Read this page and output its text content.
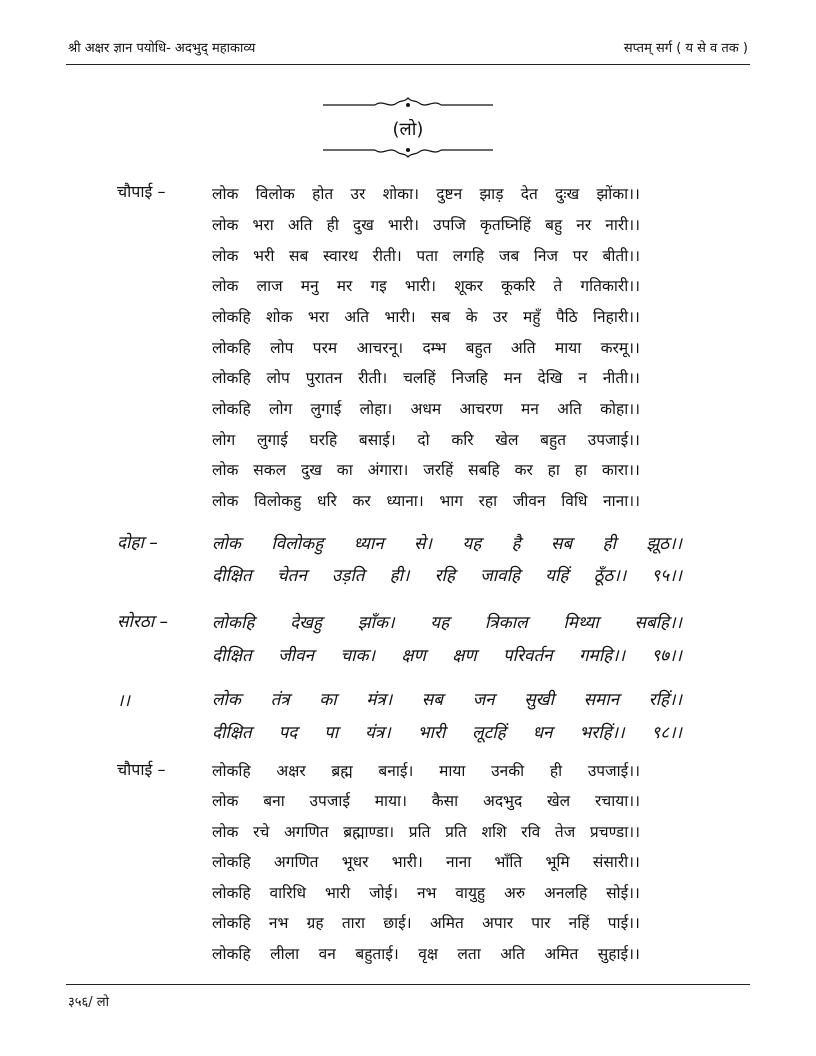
श्री अक्षर ज्ञान पयोधि- अदभुद् महाकाव्य	सप्तम् सर्ग ( य से व तक )
(लो)
चौपाई –	लोक विलोक होत उर शोका। दुष्टन झाड़ देत दुःख झोंका।।
लोक भरा अति ही दुख भारी। उपजि कृतघ्निहिं बहु नर नारी।।
लोक भरी सब स्वारथ रीती। पता लगहि जब निज पर बीती।।
लोक लाज मनु मर गइ भारी। शूकर कूकरि ते गतिकारी।।
लोकहि शोक भरा अति भारी। सब के उर महुँ पैठि निहारी।।
लोकहि लोप परम आचरनू। दम्भ बहुत अति माया करमू।।
लोकहि लोप पुरातन रीती। चलहिं निजहि मन देखि न नीती।।
लोकहि लोग लुगाई लोहा। अधम आचरण मन अति कोहा।।
लोग लुगाई घरहि बसाई। दो करि खेल बहुत उपजाई।।
लोक सकल दुख का अंगारा। जरहिं सबहि कर हा हा कारा।।
लोक विलोकहु धरि कर ध्याना। भाग रहा जीवन विधि नाना।।
दोहा –	लोक विलोकहु ध्यान से। यह है सब ही झूठ।।
दीक्षित चेतन उड़ति ही। रहि जावहि यहिं ठूँठ।। ९५।।
सोरठा –	लोकहि देखहु झाँक। यह त्रिकाल मिथ्या सबहि।।
दीक्षित जीवन चाक। क्षण क्षण परिवर्तन गमहि।। ९७।।
।।	लोक तंत्र का मंत्र। सब जन सुखी समान रहिं।।
दीक्षित पद पा यंत्र। भारी लूटहिं धन भरहिं।। ९८।।
चौपाई –	लोकहि अक्षर ब्रह्म बनाई। माया उनकी ही उपजाई।।
लोक बना उपजाई माया। कैसा अदभुद खेल रचाया।।
लोक रचे अगणित ब्रह्माण्डा। प्रति प्रति शशि रवि तेज प्रचण्डा।।
लोकहि अगणित भूधर भारी। नाना भाँति भूमि संसारी।।
लोकहि वारिधि भारी जोई। नभ वायुहु अरु अनलहि सोई।।
लोकहि नभ ग्रह तारा छाई। अमित अपार पार नहिं पाई।।
लोकहि लीला वन बहुताई। वृक्ष लता अति अमित सुहाई।।
३५६/ लो
